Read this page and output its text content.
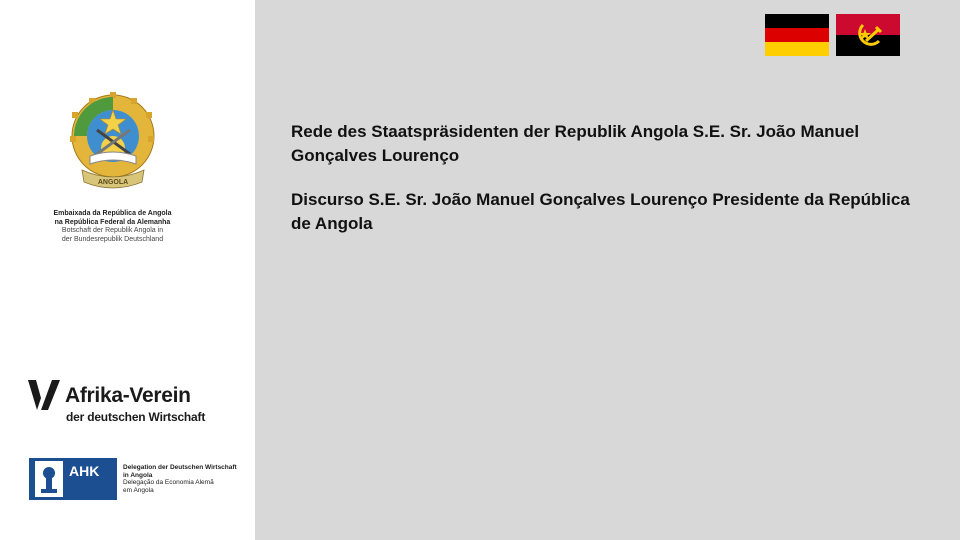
ANGOLA
Embaixada da República de Angola
na República Federal da Alemanha
Botschaft der Republik Angola in
der Bundesrepublik Deutschland
Afrika-Verein
der deutschen Wirtschaft
AHK	Delegation der Deutschen Wirtschaft
in Angola
Delegação da Economia Alemã
em Angola

Rede des Staatspräsidenten der Republik Angola S.E. Sr. João Manuel Gonçalves Lourenço

Discurso S.E. Sr. João Manuel Gonçalves Lourenço Presidente da República de Angola
